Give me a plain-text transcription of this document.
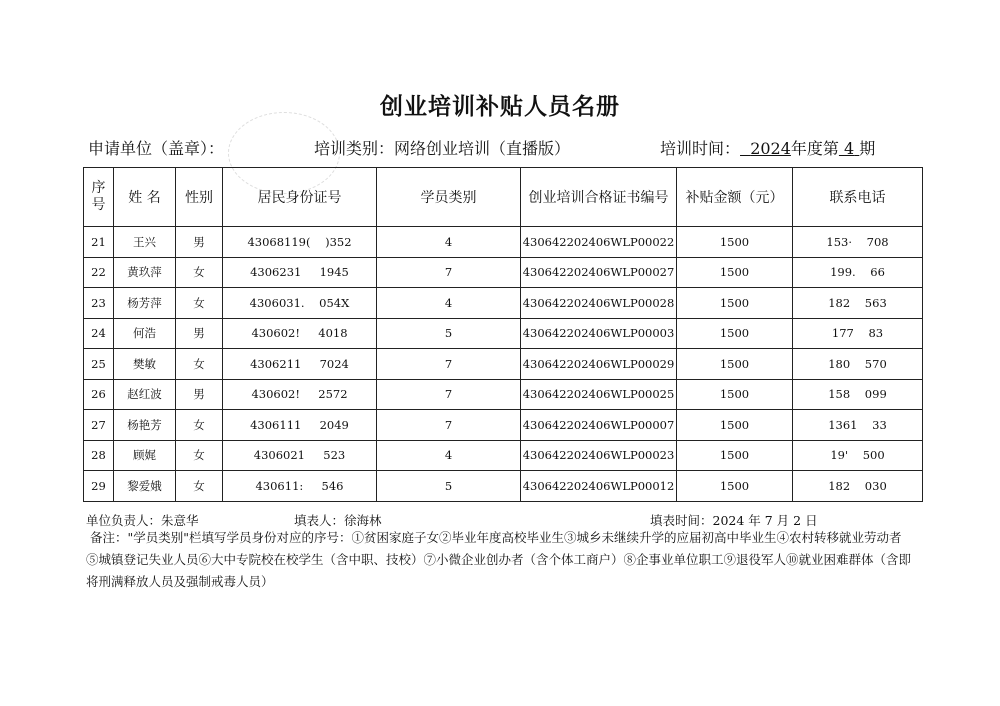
创业培训补贴人员名册
申请单位（盖章）：	培训类别：网络创业培训（直播版）	培训时间： 2024年度第 4 期
序
号	姓 名	性别	居民身份证号	学员类别	创业培训合格证书编号	补贴金额（元）	联系电话
21	王兴	男	43068119(    )352	4	430642202406WLP00022	1500	153·    708
22	黄玖萍	女	4306231     1945	7	430642202406WLP00027	1500	199.    66
23	杨芳萍	女	4306031.    054X	4	430642202406WLP00028	1500	182    563
24	何浩	男	430602!     4018	5	430642202406WLP00003	1500	177    83
25	樊敏	女	4306211     7024	7	430642202406WLP00029	1500	180    570
26	赵红波	男	430602!     2572	7	430642202406WLP00025	1500	158    099
27	杨艳芳	女	4306111     2049	7	430642202406WLP00007	1500	1361    33
28	顾娓	女	4306021     523	4	430642202406WLP00023	1500	19'    500
29	黎爱娥	女	430611:     546	5	430642202406WLP00012	1500	182    030
单位负责人：朱意华	填表人：徐海林	填表时间：2024 年 7 月 2 日
备注："学员类别"栏填写学员身份对应的序号：①贫困家庭子女②毕业年度高校毕业生③城乡未继续升学的应届初高中毕业生④农村转移就业劳动者
⑤城镇登记失业人员⑥大中专院校在校学生（含中职、技校）⑦小微企业创办者（含个体工商户）⑧企事业单位职工⑨退役军人⑩就业困难群体（含即
将刑满释放人员及强制戒毒人员）
